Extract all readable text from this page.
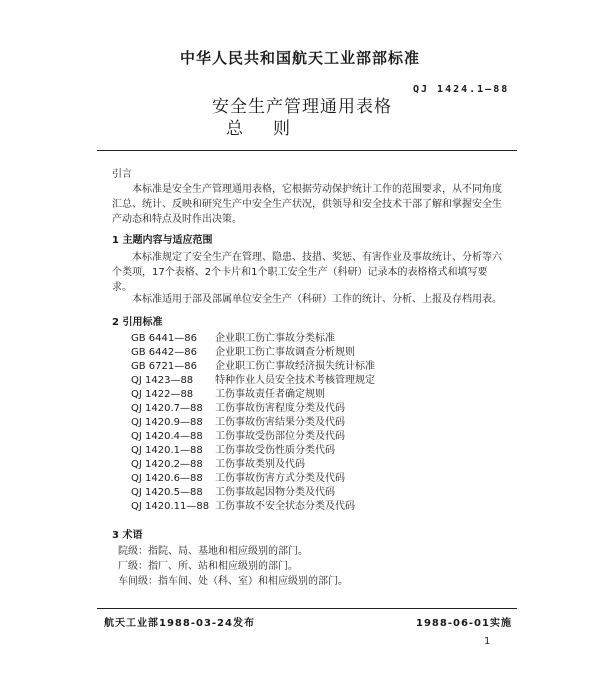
中华人民共和国航天工业部部标准
QJ 1424.1—88
安全生产管理通用表格
总则
引言
本标准是安全生产管理通用表格，它根据劳动保护统计工作的范围要求，从不同角度汇总、统计、反映和研究生产中安全生产状况，供领导和安全技术干部了解和掌握安全生产动态和特点及时作出决策。
1 主题内容与适应范围
本标准规定了安全生产在管理、隐患、技措、奖惩、有害作业及事故统计、分析等六个类项，17个表格、2个卡片和1个职工安全生产（科研）记录本的表格格式和填写要求。
本标准适用于部及部属单位安全生产（科研）工作的统计、分析、上报及存档用表。
2 引用标准
GB 6441—86 企业职工伤亡事故分类标准
GB 6442—86 企业职工伤亡事故调查分析规则
GB 6721—86 企业职工伤亡事故经济损失统计标准
QJ 1423—88 特种作业人员安全技术考核管理规定
QJ 1422—88 工伤事故责任者确定规则
QJ 1420.7—88 工伤事故伤害程度分类及代码
QJ 1420.9—88 工伤事故伤害结果分类及代码
QJ 1420.4—88 工伤事故受伤部位分类及代码
QJ 1420.1—88 工伤事故受伤性质分类代码
QJ 1420.2—88 工伤事故类别及代码
QJ 1420.6—88 工伤事故伤害方式分类及代码
QJ 1420.5—88 工伤事故起因物分类及代码
QJ 1420.11—88 工伤事故不安全状态分类及代码
3 术语
院级：指院、局、基地和相应级别的部门。
厂级：指厂、所、站和相应级别的部门。
车间级：指车间、处（科、室）和相应级别的部门。
航天工业部1988-03-24发布	1988-06-01实施
1
